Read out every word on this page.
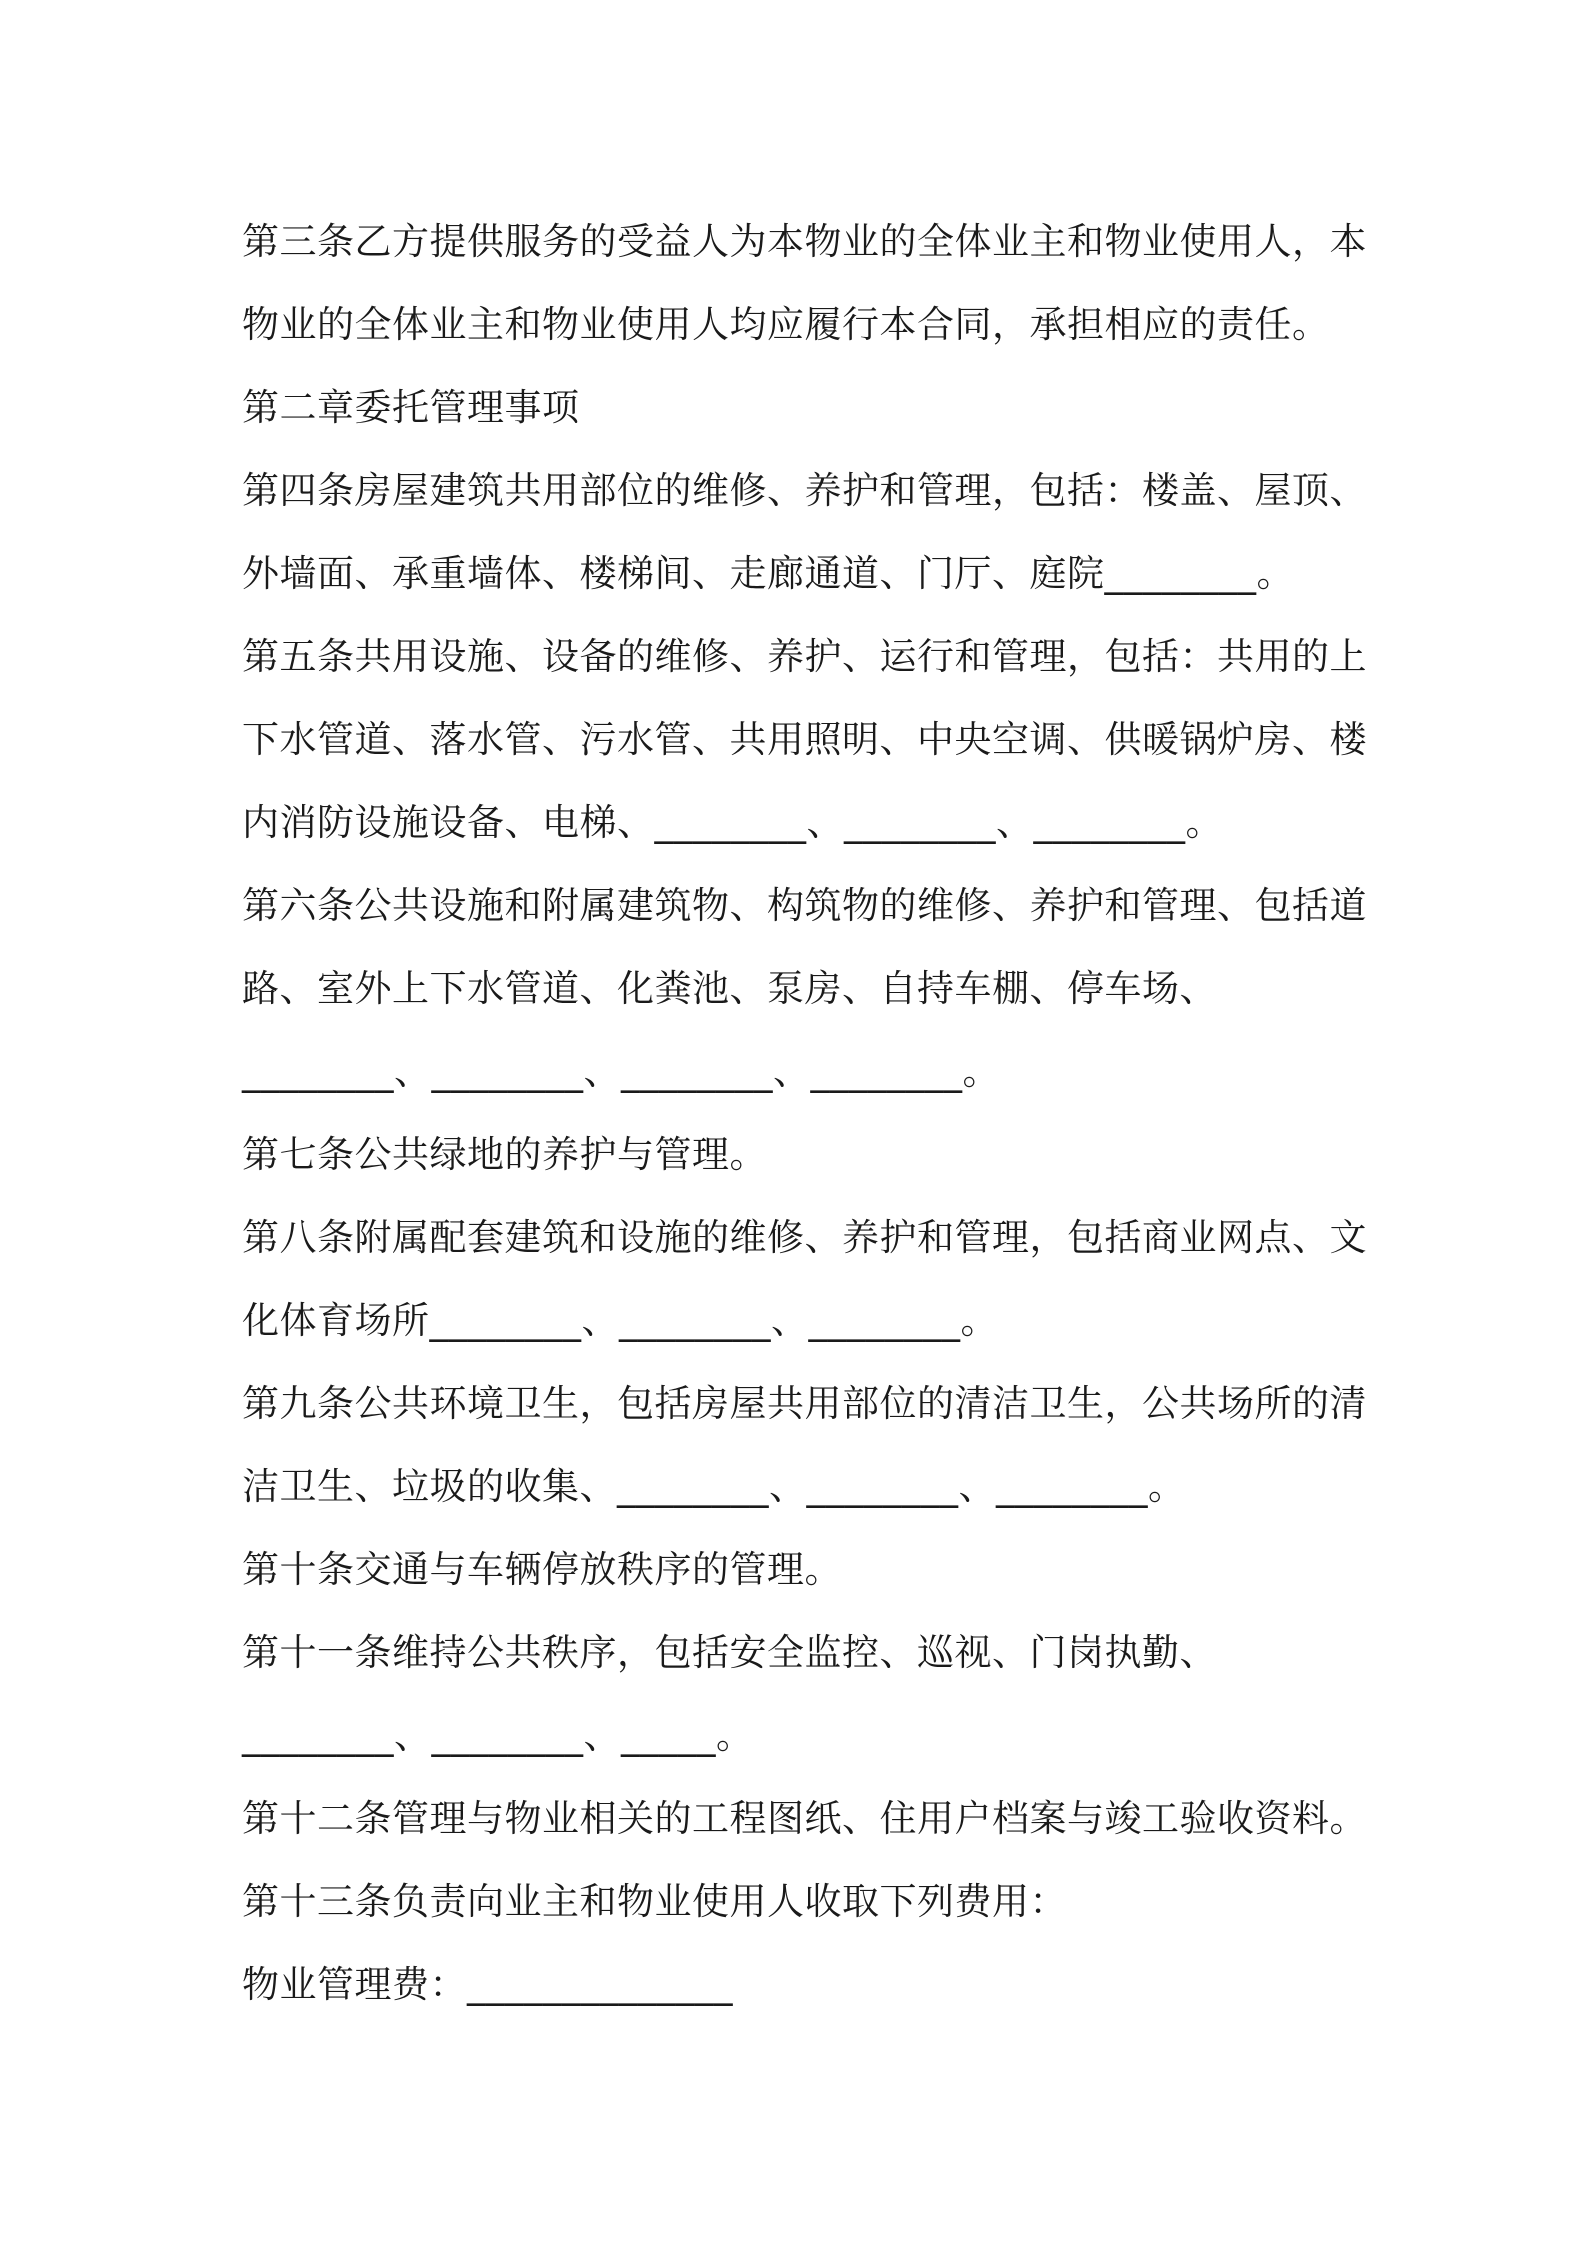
第三条乙方提供服务的受益人为本物业的全体业主和物业使用人，本
物业的全体业主和物业使用人均应履行本合同，承担相应的责任。
第二章委托管理事项
第四条房屋建筑共用部位的维修、养护和管理，包括：楼盖、屋顶、
外墙面、承重墙体、楼梯间、走廊通道、门厅、庭院________。
第五条共用设施、设备的维修、养护、运行和管理，包括：共用的上
下水管道、落水管、污水管、共用照明、中央空调、供暖锅炉房、楼
内消防设施设备、电梯、________、________、________。
第六条公共设施和附属建筑物、构筑物的维修、养护和管理、包括道
路、室外上下水管道、化粪池、泵房、自持车棚、停车场、
________、________、________、________。
第七条公共绿地的养护与管理。
第八条附属配套建筑和设施的维修、养护和管理，包括商业网点、文
化体育场所________、________、________。
第九条公共环境卫生，包括房屋共用部位的清洁卫生，公共场所的清
洁卫生、垃圾的收集、________、________、________。
第十条交通与车辆停放秩序的管理。
第十一条维持公共秩序，包括安全监控、巡视、门岗执勤、
________、________、_____。
第十二条管理与物业相关的工程图纸、住用户档案与竣工验收资料。
第十三条负责向业主和物业使用人收取下列费用：
物业管理费：______________
